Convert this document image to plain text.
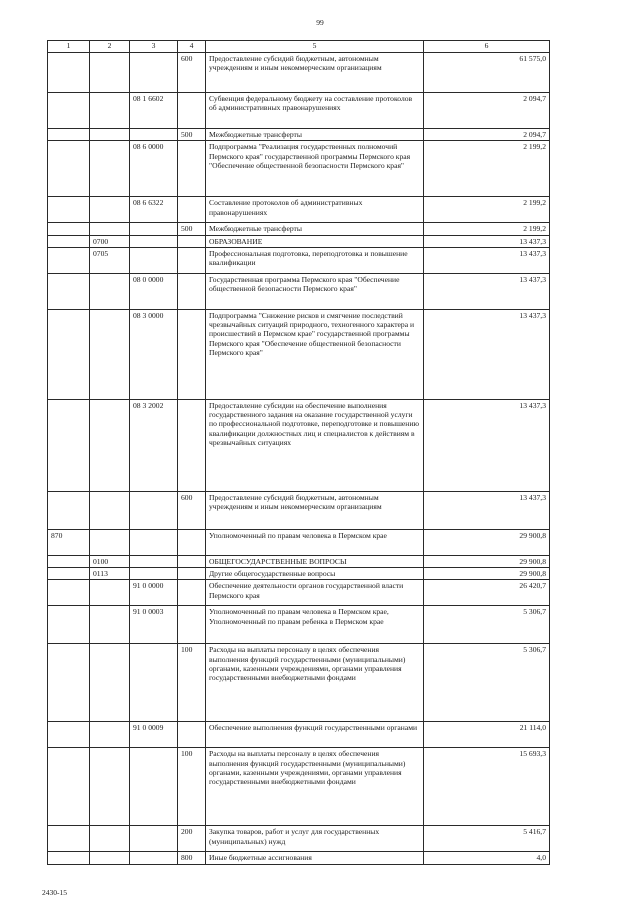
99
1	2	3	4	5	6
			600	Предоставление субсидий бюджетным, автономным учреждениям и иным некоммерческим организациям	61 575,0
		08 1 6602		Субвенция федеральному бюджету на составление протоколов об административных правонарушениях	2 094,7
			500	Межбюджетные трансферты	2 094,7
		08 6 0000		Подпрограмма "Реализация государственных полномочий Пермского края" государственной программы Пермского края "Обеспечение общественной безопасности Пермского края"	2 199,2
		08 6 6322		Составление протоколов об административных правонарушениях	2 199,2
			500	Межбюджетные трансферты	2 199,2
	0700			ОБРАЗОВАНИЕ	13 437,3
	0705			Профессиональная подготовка, переподготовка и повышение квалификации	13 437,3
		08 0 0000		Государственная программа Пермского края "Обеспечение общественной безопасности Пермского края"	13 437,3
		08 3 0000		Подпрограмма "Снижение рисков и смягчение последствий чрезвычайных ситуаций природного, техногенного характера и происшествий в Пермском крае" государственной программы Пермского края "Обеспечение общественной безопасности Пермского края"	13 437,3
		08 3 2002		Предоставление субсидии на обеспечение выполнения государственного задания на оказание государственной услуги по профессиональной подготовке, переподготовке и повышению квалификации должностных лиц и специалистов к действиям в чрезвычайных ситуациях	13 437,3
			600	Предоставление субсидий бюджетным, автономным учреждениям и иным некоммерческим организациям	13 437,3
870				Уполномоченный по правам человека в Пермском крае	29 900,8
	0100			ОБЩЕГОСУДАРСТВЕННЫЕ ВОПРОСЫ	29 900,8
	0113			Другие общегосударственные вопросы	29 900,8
		91 0 0000		Обеспечение деятельности органов государственной власти Пермского края	26 420,7
		91 0 0003		Уполномоченный по правам человека в Пермском крае, Уполномоченный по правам ребенка в Пермском крае	5 306,7
			100	Расходы на выплаты персоналу в целях обеспечения выполнения функций государственными (муниципальными) органами, казенными учреждениями, органами управления государственными внебюджетными фондами	5 306,7
		91 0 0009		Обеспечение выполнения функций государственными органами	21 114,0
			100	Расходы на выплаты персоналу в целях обеспечения выполнения функций государственными (муниципальными) органами, казенными учреждениями, органами управления государственными внебюджетными фондами	15 693,3
			200	Закупка товаров, работ и услуг для государственных (муниципальных) нужд	5 416,7
			800	Иные бюджетные ассигнования	4,0
2430-15
